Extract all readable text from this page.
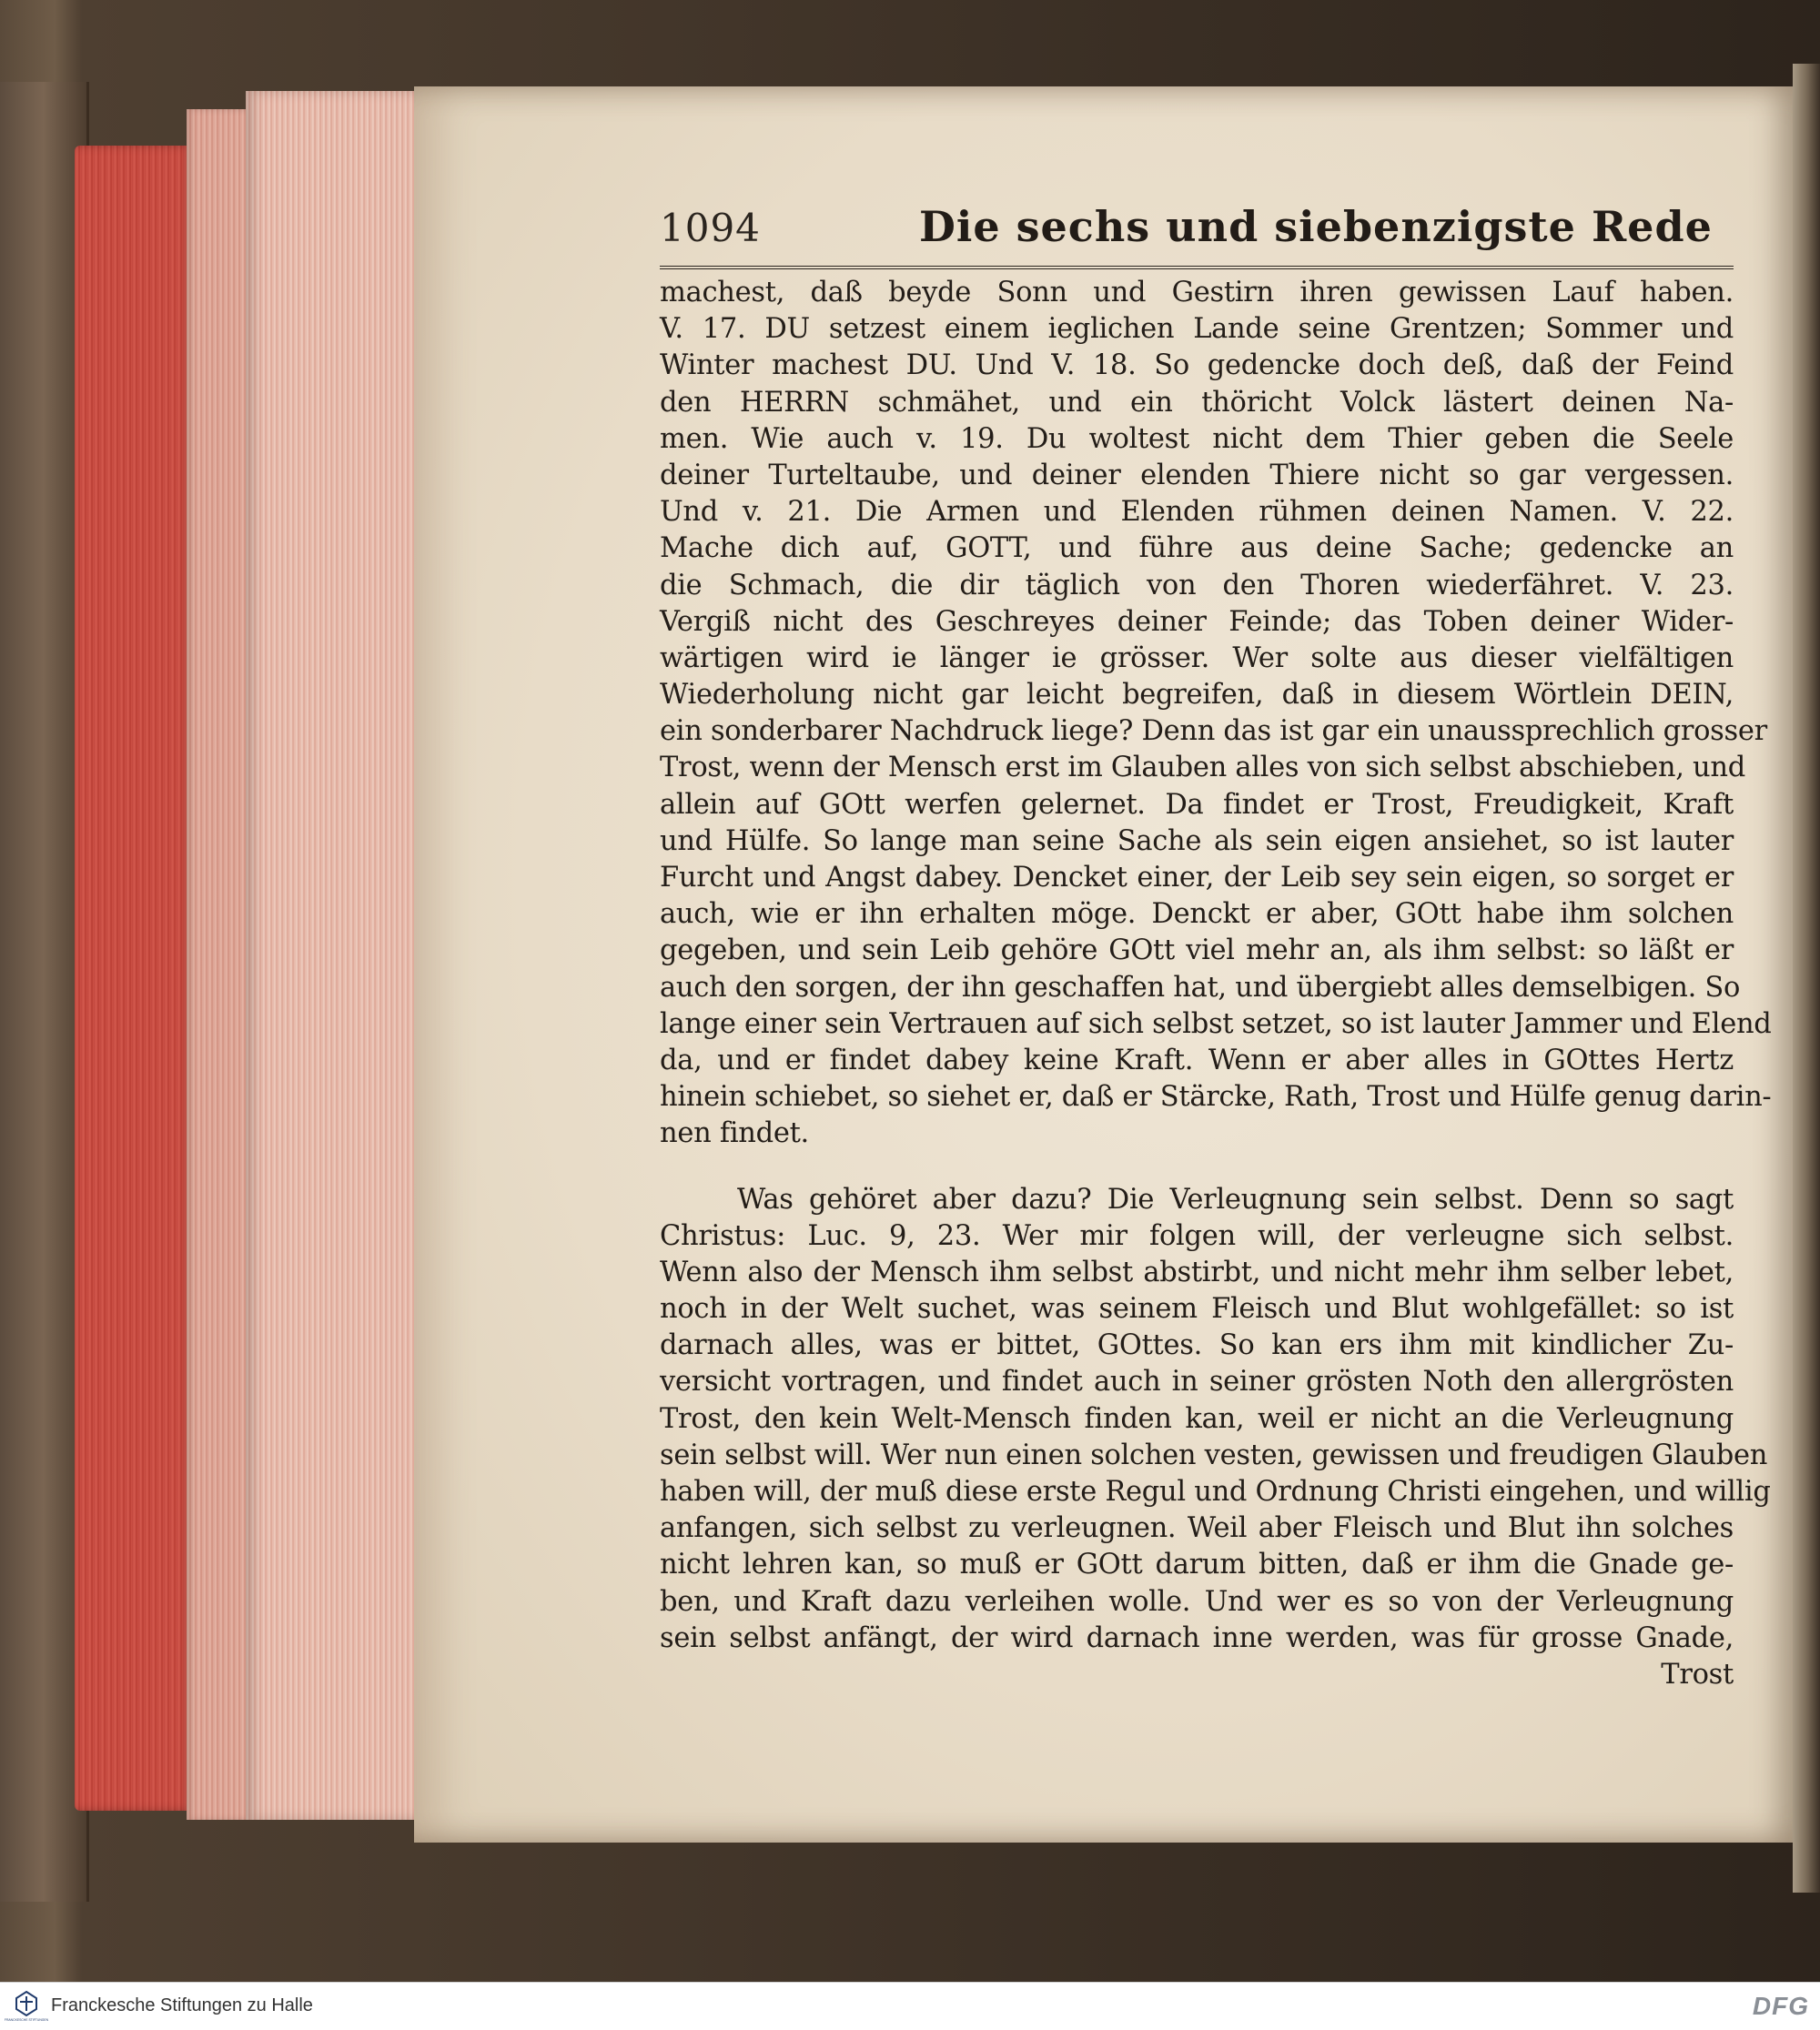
1094	Die sechs und siebenzigste Rede
machest, daß beyde Sonn und Gestirn ihren gewissen Lauf haben.
V. 17. DU setzest einem ieglichen Lande seine Grentzen; Sommer und
Winter machest DU. Und V. 18. So gedencke doch deß, daß der Feind
den HERRN schmähet, und ein thöricht Volck lästert deinen Na-
men. Wie auch v. 19. Du woltest nicht dem Thier geben die Seele
deiner Turteltaube, und deiner elenden Thiere nicht so gar vergessen.
Und v. 21. Die Armen und Elenden rühmen deinen Namen. V. 22.
Mache dich auf, GOTT, und führe aus deine Sache; gedencke an
die Schmach, die dir täglich von den Thoren wiederfähret. V. 23.
Vergiß nicht des Geschreyes deiner Feinde; das Toben deiner Wider-
wärtigen wird ie länger ie grösser. Wer solte aus dieser vielfältigen
Wiederholung nicht gar leicht begreifen, daß in diesem Wörtlein DEIN,
ein sonderbarer Nachdruck liege? Denn das ist gar ein unaussprechlich grosser
Trost, wenn der Mensch erst im Glauben alles von sich selbst abschieben, und
allein auf GOtt werfen gelernet. Da findet er Trost, Freudigkeit, Kraft
und Hülfe. So lange man seine Sache als sein eigen ansiehet, so ist lauter
Furcht und Angst dabey. Dencket einer, der Leib sey sein eigen, so sorget er
auch, wie er ihn erhalten möge. Denckt er aber, GOtt habe ihm solchen
gegeben, und sein Leib gehöre GOtt viel mehr an, als ihm selbst: so läßt er
auch den sorgen, der ihn geschaffen hat, und übergiebt alles demselbigen. So
lange einer sein Vertrauen auf sich selbst setzet, so ist lauter Jammer und Elend
da, und er findet dabey keine Kraft. Wenn er aber alles in GOttes Hertz
hinein schiebet, so siehet er, daß er Stärcke, Rath, Trost und Hülfe genug darin-
nen findet.
Was gehöret aber dazu? Die Verleugnung sein selbst. Denn so sagt
Christus: Luc. 9, 23. Wer mir folgen will, der verleugne sich selbst.
Wenn also der Mensch ihm selbst abstirbt, und nicht mehr ihm selber lebet,
noch in der Welt suchet, was seinem Fleisch und Blut wohlgefället: so ist
darnach alles, was er bittet, GOttes. So kan ers ihm mit kindlicher Zu-
versicht vortragen, und findet auch in seiner grösten Noth den allergrösten
Trost, den kein Welt-Mensch finden kan, weil er nicht an die Verleugnung
sein selbst will. Wer nun einen solchen vesten, gewissen und freudigen Glauben
haben will, der muß diese erste Regul und Ordnung Christi eingehen, und willig
anfangen, sich selbst zu verleugnen. Weil aber Fleisch und Blut ihn solches
nicht lehren kan, so muß er GOtt darum bitten, daß er ihm die Gnade ge-
ben, und Kraft dazu verleihen wolle. Und wer es so von der Verleugnung
sein selbst anfängt, der wird darnach inne werden, was für grosse Gnade,
Trost
FRANCKESCHE STIFTUNGEN
Franckesche Stiftungen zu Halle	DFG
